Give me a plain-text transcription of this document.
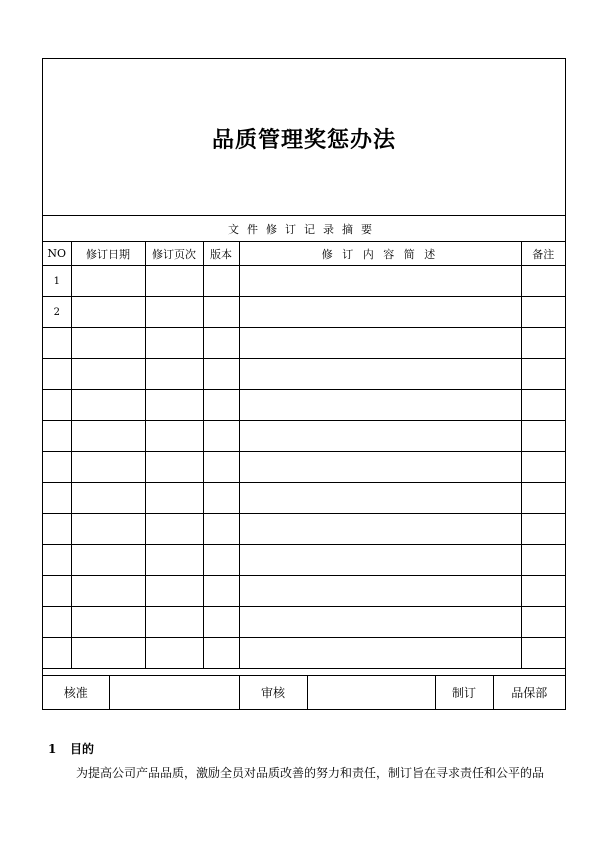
品质管理奖惩办法
文件修订记录摘要					
NO	修订日期	修订页次	版本	修 订 内 容 简 述	备注
1					
2					

核准		审核		制订	品保部
1 目的
为提高公司产品品质，激励全员对品质改善的努力和责任，制订旨在寻求责任和公平的品
